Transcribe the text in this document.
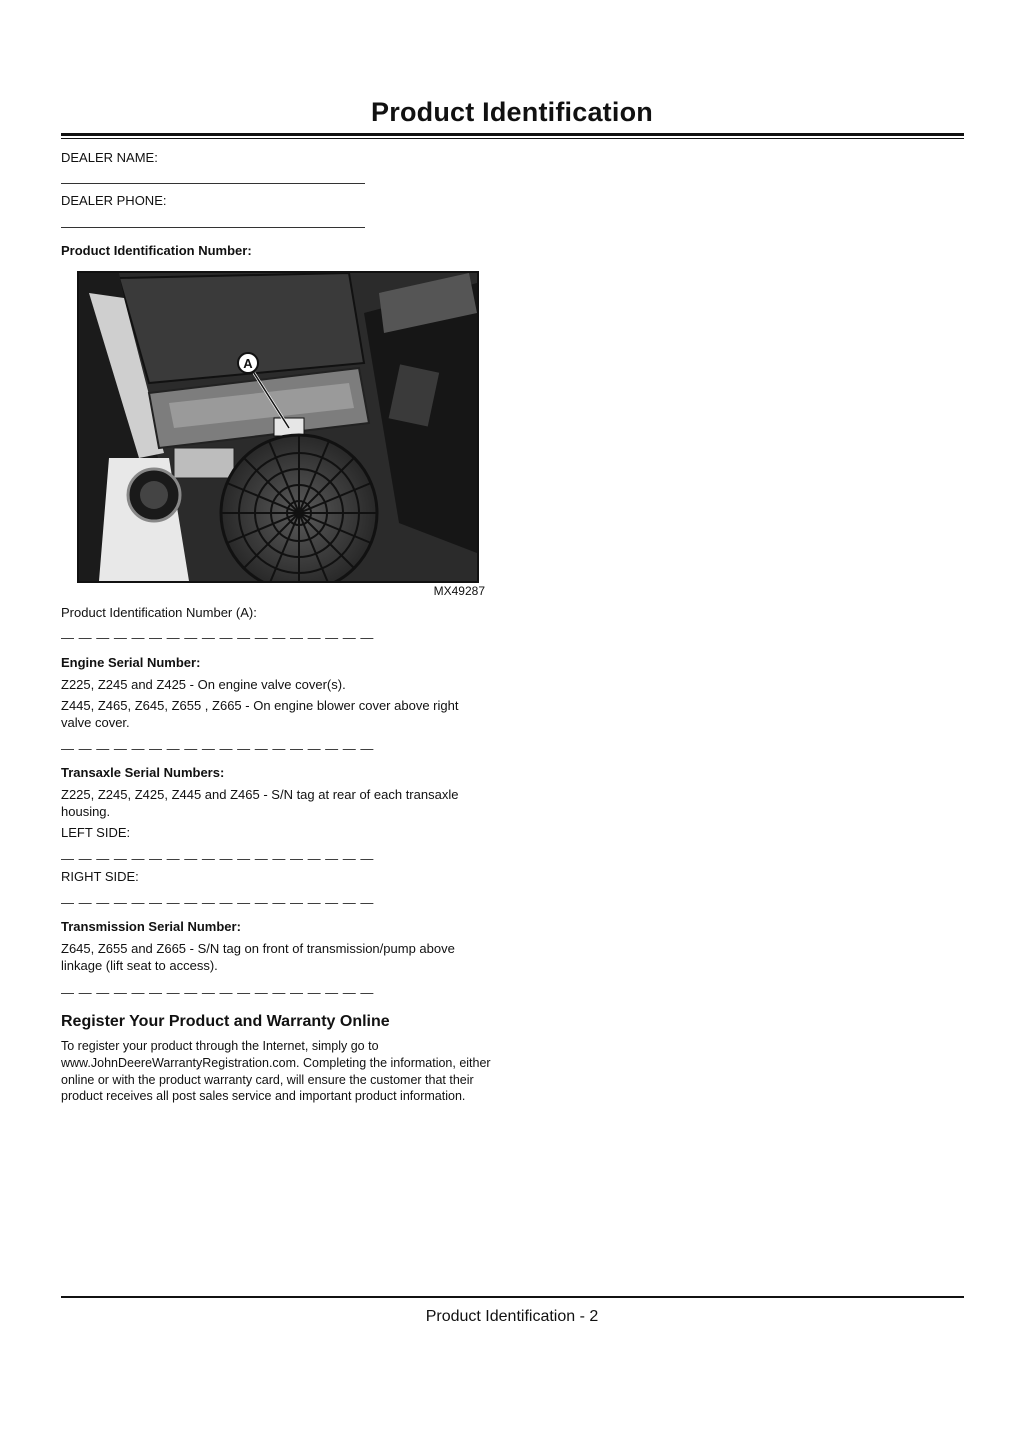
Product Identification
DEALER NAME:
DEALER PHONE:
Product Identification Number:
A
MX49287
Product Identification Number (A):
— — — — — — — — — — — — — — — — — —
Engine Serial Number:
Z225, Z245 and Z425 - On engine valve cover(s).
Z445, Z465, Z645, Z655 , Z665 - On engine blower cover above right valve cover.
— — — — — — — — — — — — — — — — — —
Transaxle Serial Numbers:
Z225, Z245, Z425, Z445 and Z465 - S/N tag at rear of each transaxle housing.
LEFT SIDE:
— — — — — — — — — — — — — — — — — —
RIGHT SIDE:
— — — — — — — — — — — — — — — — — —
Transmission Serial Number:
Z645, Z655 and Z665 - S/N tag on front of transmission/pump above linkage (lift seat to access).
— — — — — — — — — — — — — — — — — —
Register Your Product and Warranty Online
To register your product through the Internet, simply go to www.JohnDeereWarrantyRegistration.com. Completing the information, either online or with the product warranty card, will ensure the customer that their product receives all post sales service and important product information.
Product Identification - 2
